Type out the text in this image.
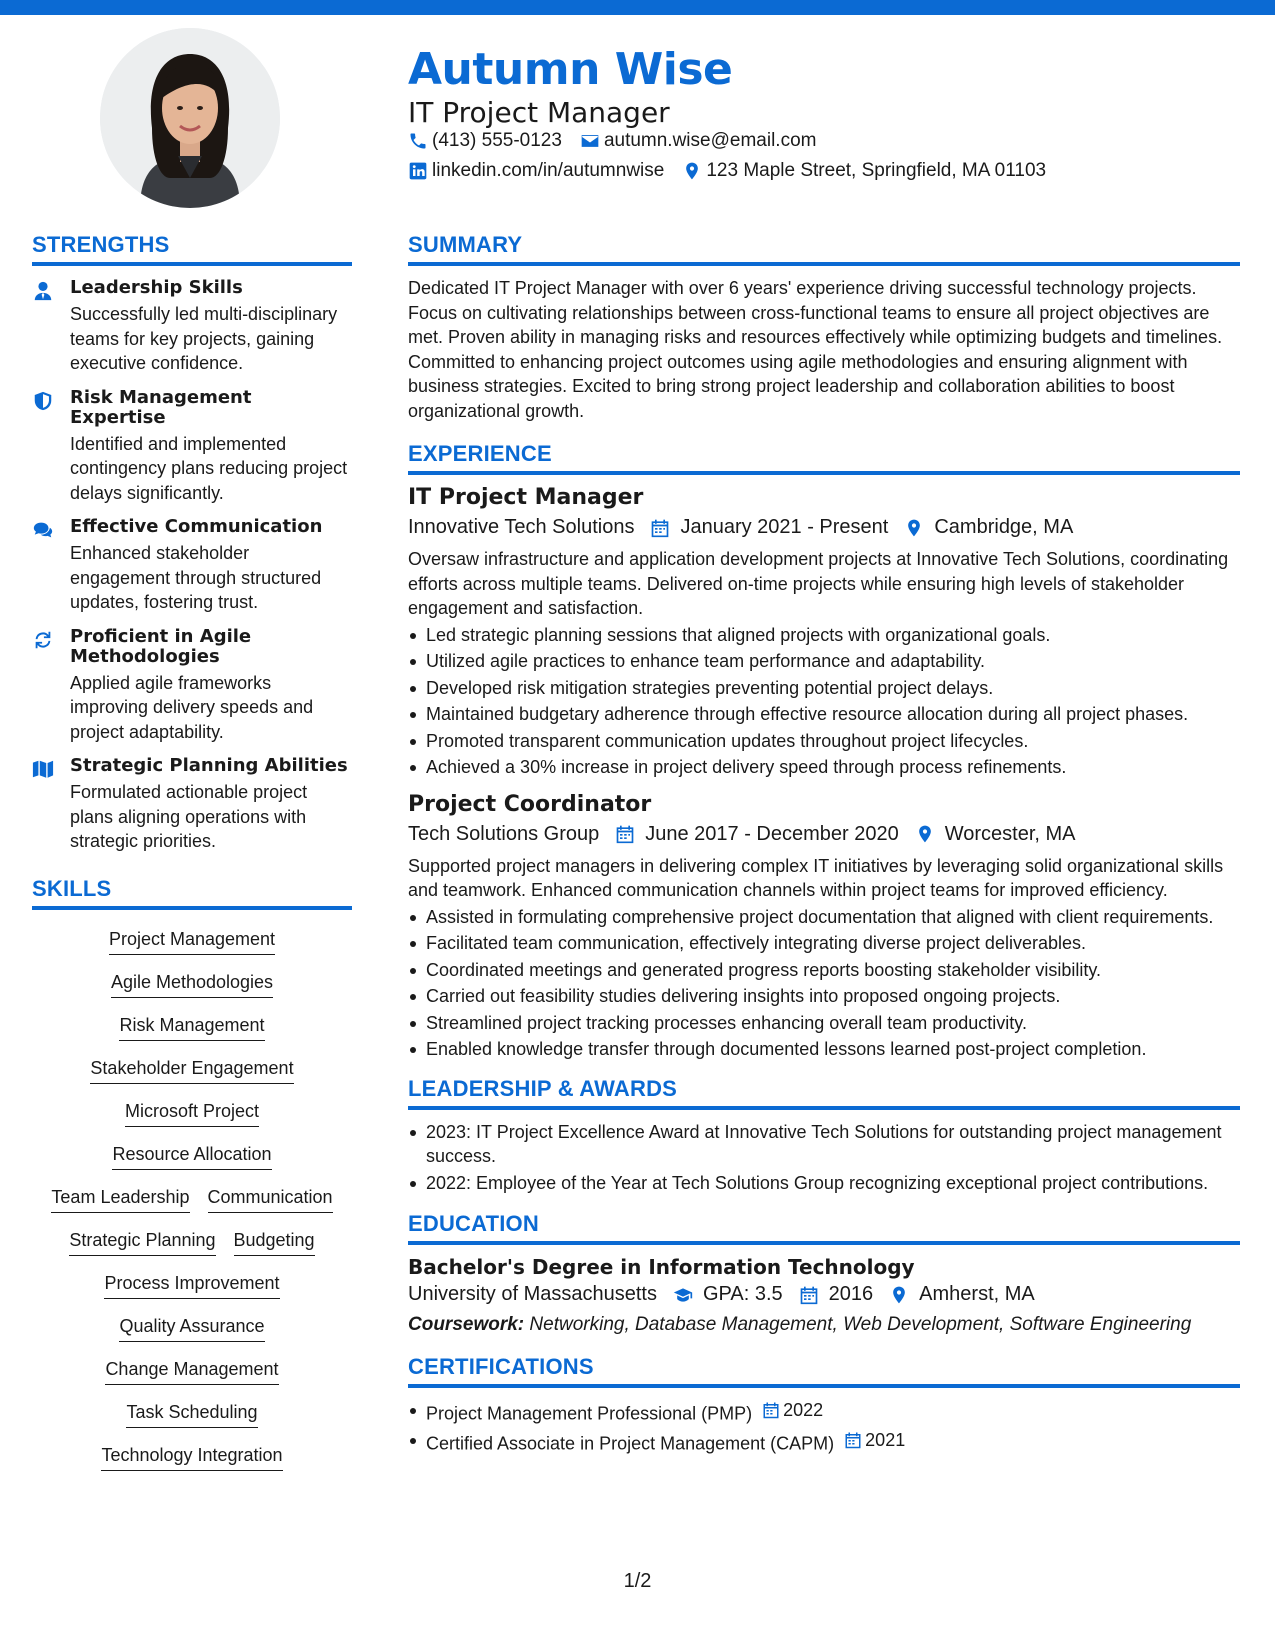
Autumn Wise
IT Project Manager
(413) 555-0123 autumn.wise@email.com
linkedin.com/in/autumnwise 123 Maple Street, Springfield, MA 01103
STRENGTHS
Leadership Skills
Successfully led multi-disciplinary teams for key projects, gaining executive confidence.
Risk Management Expertise
Identified and implemented contingency plans reducing project delays significantly.
Effective Communication
Enhanced stakeholder engagement through structured updates, fostering trust.
Proficient in Agile Methodologies
Applied agile frameworks improving delivery speeds and project adaptability.
Strategic Planning Abilities
Formulated actionable project plans aligning operations with strategic priorities.
SKILLS
Project Management
Agile Methodologies
Risk Management
Stakeholder Engagement
Microsoft Project
Resource Allocation
Team Leadership Communication
Strategic Planning Budgeting
Process Improvement
Quality Assurance
Change Management
Task Scheduling
Technology Integration
SUMMARY
Dedicated IT Project Manager with over 6 years' experience driving successful technology projects. Focus on cultivating relationships between cross-functional teams to ensure all project objectives are met. Proven ability in managing risks and resources effectively while optimizing budgets and timelines. Committed to enhancing project outcomes using agile methodologies and ensuring alignment with business strategies. Excited to bring strong project leadership and collaboration abilities to boost organizational growth.
EXPERIENCE
IT Project Manager
Innovative Tech Solutions January 2021 - Present Cambridge, MA
Oversaw infrastructure and application development projects at Innovative Tech Solutions, coordinating efforts across multiple teams. Delivered on-time projects while ensuring high levels of stakeholder engagement and satisfaction.
Led strategic planning sessions that aligned projects with organizational goals.
Utilized agile practices to enhance team performance and adaptability.
Developed risk mitigation strategies preventing potential project delays.
Maintained budgetary adherence through effective resource allocation during all project phases.
Promoted transparent communication updates throughout project lifecycles.
Achieved a 30% increase in project delivery speed through process refinements.
Project Coordinator
Tech Solutions Group June 2017 - December 2020 Worcester, MA
Supported project managers in delivering complex IT initiatives by leveraging solid organizational skills and teamwork. Enhanced communication channels within project teams for improved efficiency.
Assisted in formulating comprehensive project documentation that aligned with client requirements.
Facilitated team communication, effectively integrating diverse project deliverables.
Coordinated meetings and generated progress reports boosting stakeholder visibility.
Carried out feasibility studies delivering insights into proposed ongoing projects.
Streamlined project tracking processes enhancing overall team productivity.
Enabled knowledge transfer through documented lessons learned post-project completion.
LEADERSHIP & AWARDS
2023: IT Project Excellence Award at Innovative Tech Solutions for outstanding project management success.
2022: Employee of the Year at Tech Solutions Group recognizing exceptional project contributions.
EDUCATION
Bachelor's Degree in Information Technology
University of Massachusetts GPA: 3.5 2016 Amherst, MA
Coursework: Networking, Database Management, Web Development, Software Engineering
CERTIFICATIONS
Project Management Professional (PMP) 2022
Certified Associate in Project Management (CAPM) 2021
1/2
